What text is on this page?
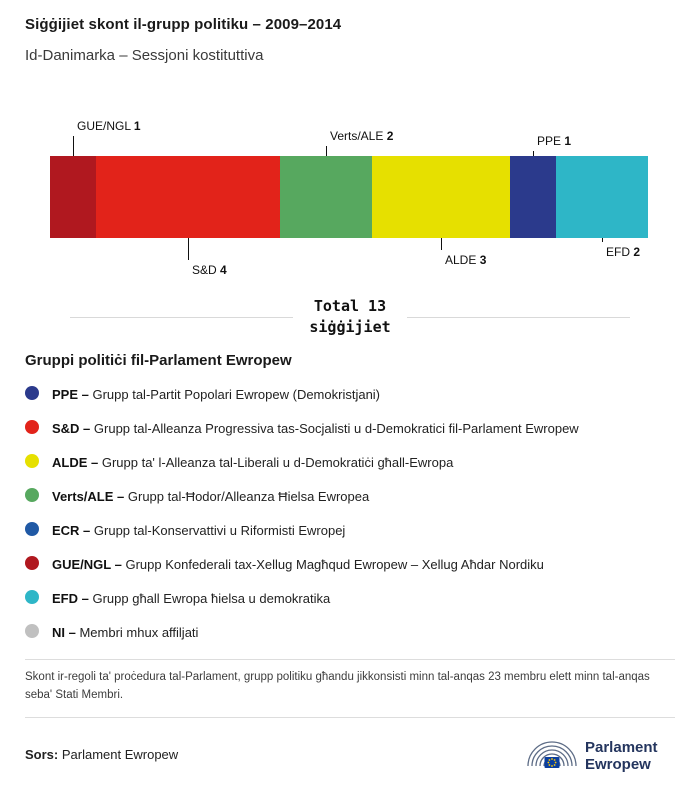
Siġġijiet skont il-grupp politiku – 2009–2014
Id-Danimarka – Sessjoni kostituttiva
GUE/NGL 1
S&D 4
Verts/ALE 2
ALDE 3
PPE 1
EFD 2
Total 13
siġġijiet
Gruppi politiċi fil-Parlament Ewropew
PPE – Grupp tal-Partit Popolari Ewropew (Demokristjani)
S&D – Grupp tal-Alleanza Progressiva tas-Socjalisti u d-Demokratici fil-Parlament Ewropew
ALDE – Grupp ta' l-Alleanza tal-Liberali u d-Demokratiċi għall-Ewropa
Verts/ALE – Grupp tal-Ħodor/Alleanza Ħielsa Ewropea
ECR – Grupp tal-Konservattivi u Riformisti Ewropej
GUE/NGL – Grupp Konfederali tax-Xellug Magħqud Ewropew – Xellug Aħdar Nordiku
EFD – Grupp għall Ewropa ħielsa u demokratika
NI – Membri mhux affiljati
Skont ir-regoli ta' proċedura tal-Parlament, grupp politiku għandu jikkonsisti minn tal-anqas 23 membru elett minn tal-anqas seba' Stati Membri.
Sors: Parlament Ewropew	Parlament
Ewropew
